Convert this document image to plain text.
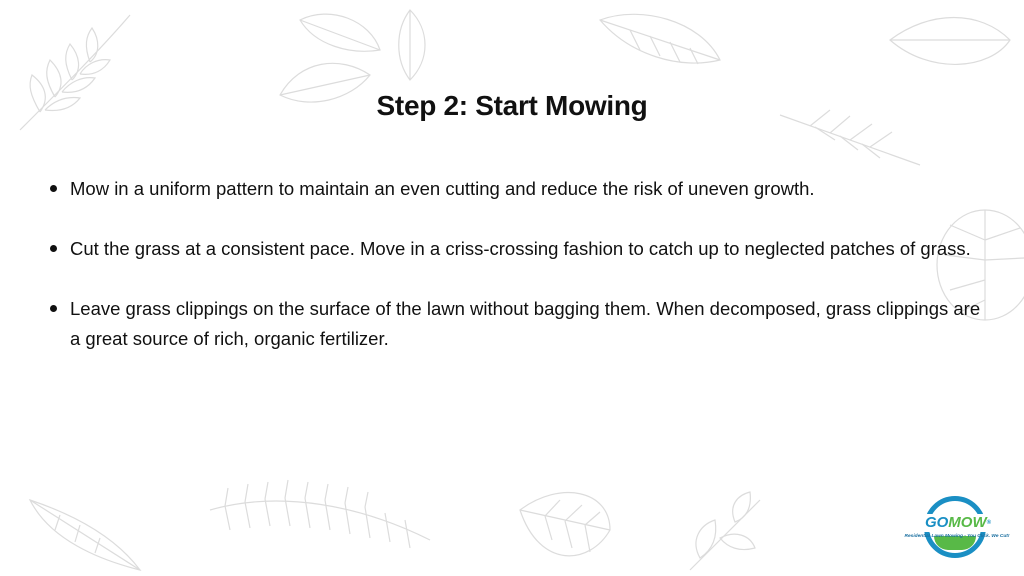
Step 2: Start Mowing
Mow in a uniform pattern to maintain an even cutting and reduce the risk of uneven growth.
Cut the grass at a consistent pace. Move in a criss-crossing fashion to catch up to neglected patches of grass.
Leave grass clippings on the surface of the lawn without bagging them. When decomposed, grass clippings are a great source of rich, organic fertilizer.
GOMOW®
Residential Lawn Mowing - You Click. We Cut!
